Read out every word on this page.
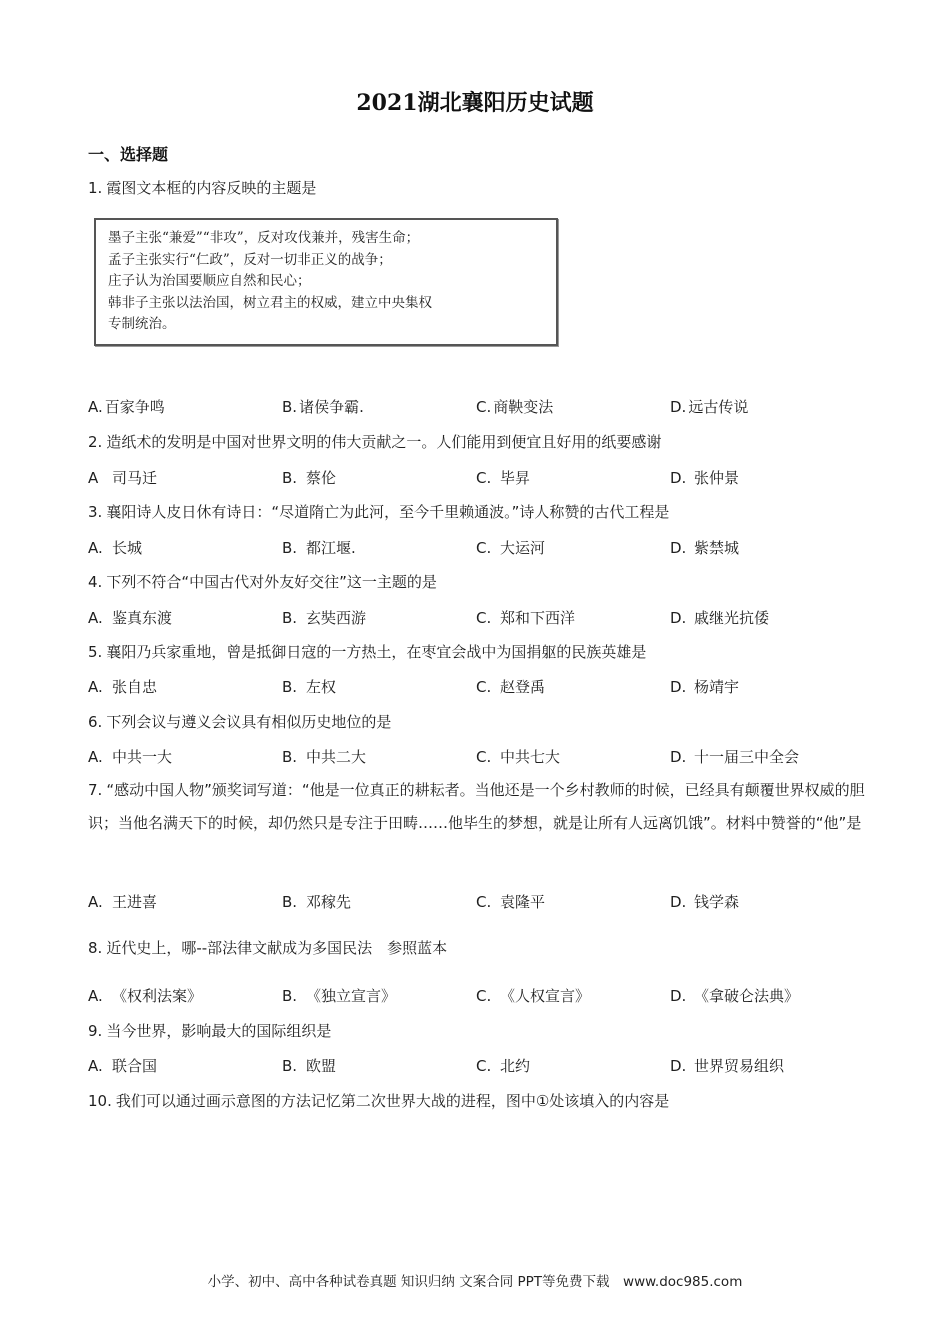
2021湖北襄阳历史试题
一、选择题
1. 霞图文本框的内容反映的主题是
墨子主张“兼爱”“非攻”，反对攻伐兼并，残害生命；
孟子主张实行“仁政”，反对一切非正义的战争；
庄子认为治国要顺应自然和民心；
韩非子主张以法治国，树立君主的权威，建立中央集权
专制统治。
A. 百家争鸣	B. 诸侯争霸.	C. 商鞅变法	D. 远古传说
2. 造纸术的发明是中国对世界文明的伟大贡献之一。人们能用到便宜且好用的纸要感谢
A 司马迁	B. 蔡伦	C. 毕昇	D. 张仲景
3. 襄阳诗人皮日休有诗日：“尽道隋亡为此河，至今千里赖通波。”诗人称赞的古代工程是
A. 长城	B. 都江堰.	C. 大运河	D. 紫禁城
4. 下列不符合“中国古代对外友好交往”这一主题的是
A. 鉴真东渡	B. 玄奘西游	C. 郑和下西洋	D. 戚继光抗倭
5. 襄阳乃兵家重地，曾是抵御日寇的一方热土，在枣宜会战中为国捐躯的民族英雄是
A. 张自忠	B. 左权	C. 赵登禹	D. 杨靖宇
6. 下列会议与遵义会议具有相似历史地位的是
A. 中共一大	B. 中共二大	C. 中共七大	D. 十一届三中全会
7. “感动中国人物”颁奖词写道：“他是一位真正的耕耘者。当他还是一个乡村教师的时候，已经具有颠覆世界权威的胆识；当他名满天下的时候，却仍然只是专注于田畴……他毕生的梦想，就是让所有人远离饥饿”。材料中赞誉的“他”是
A. 王进喜	B. 邓稼先	C. 袁隆平	D. 钱学森
8. 近代史上，哪--部法律文献成为多国民法　参照蓝本
A. 《权利法案》	B. 《独立宣言》	C. 《人权宣言》	D. 《拿破仑法典》
9. 当今世界，影响最大的国际组织是
A. 联合国	B. 欧盟	C. 北约	D. 世界贸易组织
10. 我们可以通过画示意图的方法记忆第二次世界大战的进程，图中①处该填入的内容是
小学、初中、高中各种试卷真题 知识归纳 文案合同 PPT等免费下载　www.doc985.com
